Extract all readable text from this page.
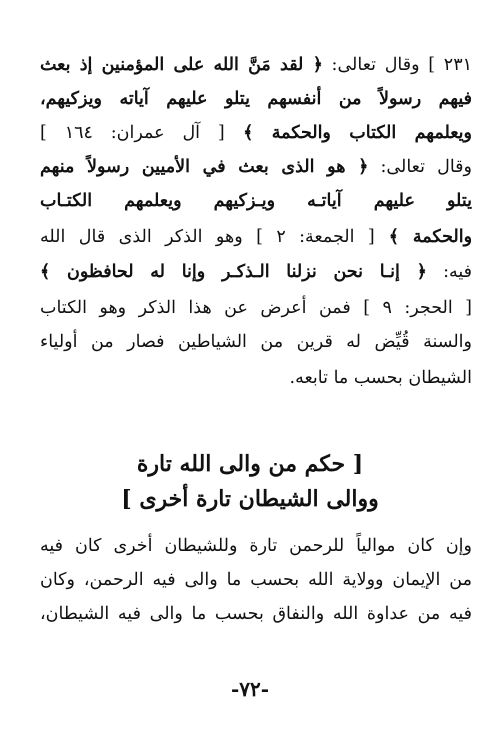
٢٣١ ] وقال تعالى: ﴿ لقد مَنَّ الله على المؤمنين إذ بعث
فيهم رسولاً من أنفسهم يتلو عليهم آياته ويزكيهم،
ويعلمهم الكتاب والحكمة ﴾ [ آل عمران: ١٦٤ ]
وقال تعالى: ﴿ هو الذى بعث في الأميين رسولاً منهم
يتلو عليهم آياتـه ويـزكيهم ويعلمهم الكتـاب
والحكمة ﴾ [ الجمعة: ٢ ] وهو الذكر الذى قال الله
فيه: ﴿ إنـا نحن نزلنا الـذكـر وإنا له لحافظون ﴾
[ الحجر: ٩ ] فمن أعرض عن هذا الذكر وهو الكتاب
والسنة قُيِّض له قرين من الشياطين فصار من أولياء
الشيطان بحسب ما تابعه.
[ حكم من والى الله تارة
ووالى الشيطان تارة أخرى ]
وإن كان موالياً للرحمن تارة وللشيطان أخرى كان فيه
من الإيمان وولاية الله بحسب ما والى فيه الرحمن، وكان
فيه من عداوة الله والنفاق بحسب ما والى فيه الشيطان،
-٧٢-
